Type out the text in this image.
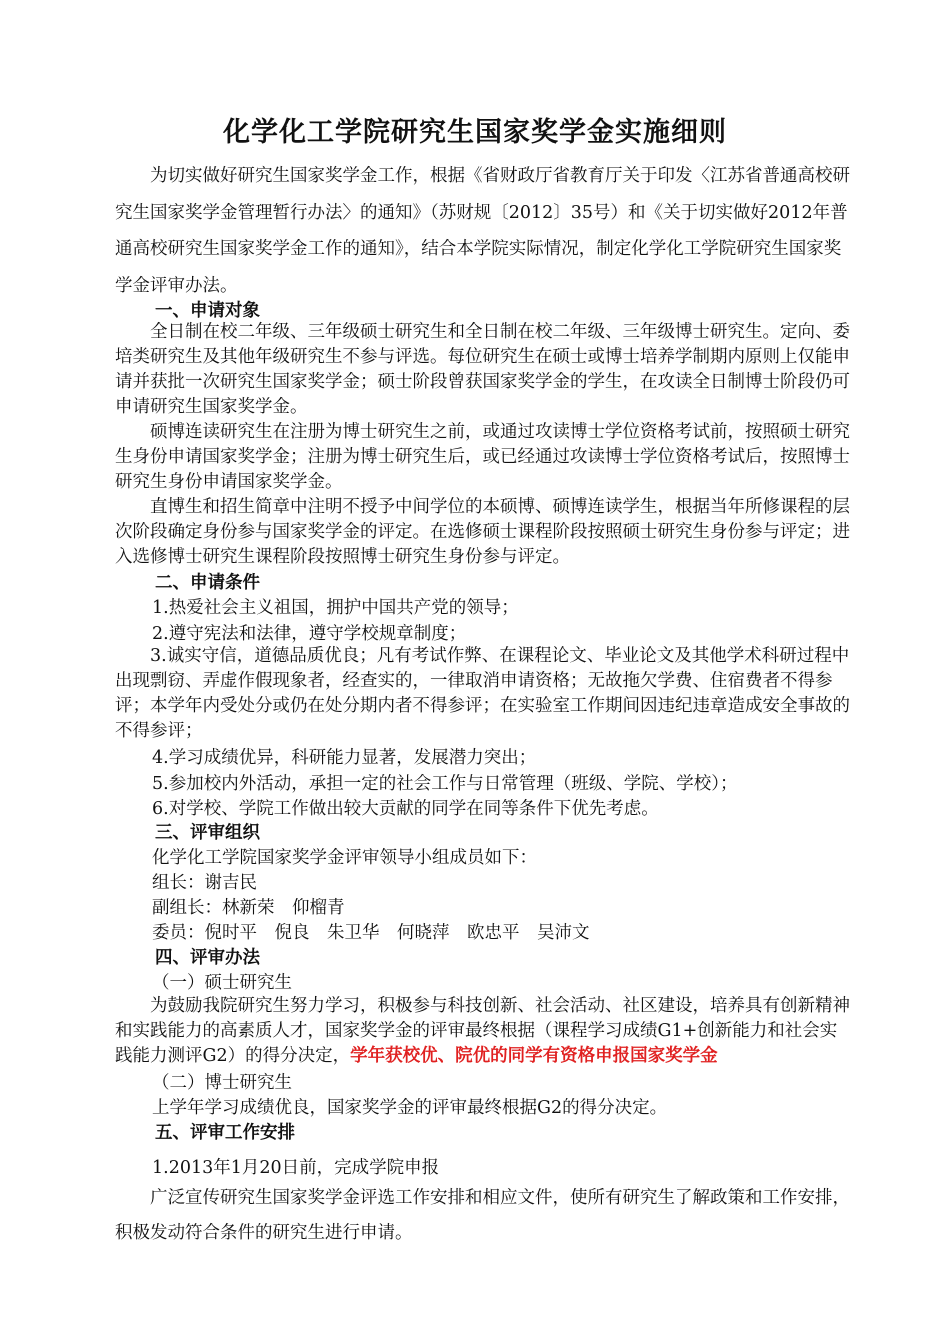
化学化工学院研究生国家奖学金实施细则
为切实做好研究生国家奖学金工作，根据《省财政厅省教育厅关于印发〈江苏省普通高校研究生国家奖学金管理暂行办法〉的通知》（苏财规〔2012〕35号）和《关于切实做好2012年普通高校研究生国家奖学金工作的通知》，结合本学院实际情况，制定化学化工学院研究生国家奖学金评审办法。
一、申请对象
全日制在校二年级、三年级硕士研究生和全日制在校二年级、三年级博士研究生。定向、委培类研究生及其他年级研究生不参与评选。每位研究生在硕士或博士培养学制期内原则上仅能申请并获批一次研究生国家奖学金；硕士阶段曾获国家奖学金的学生，在攻读全日制博士阶段仍可申请研究生国家奖学金。
硕博连读研究生在注册为博士研究生之前，或通过攻读博士学位资格考试前，按照硕士研究生身份申请国家奖学金；注册为博士研究生后，或已经通过攻读博士学位资格考试后，按照博士研究生身份申请国家奖学金。
直博生和招生简章中注明不授予中间学位的本硕博、硕博连读学生，根据当年所修课程的层次阶段确定身份参与国家奖学金的评定。在选修硕士课程阶段按照硕士研究生身份参与评定；进入选修博士研究生课程阶段按照博士研究生身份参与评定。
二、申请条件
1.热爱社会主义祖国，拥护中国共产党的领导；
2.遵守宪法和法律，遵守学校规章制度；
3.诚实守信，道德品质优良；凡有考试作弊、在课程论文、毕业论文及其他学术科研过程中出现剽窃、弄虚作假现象者，经查实的，一律取消申请资格；无故拖欠学费、住宿费者不得参评；本学年内受处分或仍在处分期内者不得参评；在实验室工作期间因违纪违章造成安全事故的不得参评；
4.学习成绩优异，科研能力显著，发展潜力突出；
5.参加校内外活动，承担一定的社会工作与日常管理（班级、学院、学校）；
6.对学校、学院工作做出较大贡献的同学在同等条件下优先考虑。
三、评审组织
化学化工学院国家奖学金评审领导小组成员如下：
组长：谢吉民
副组长：林新荣　仰榴青
委员：倪时平　倪良　朱卫华　何晓萍　欧忠平　吴沛文
四、评审办法
（一）硕士研究生
为鼓励我院研究生努力学习，积极参与科技创新、社会活动、社区建设，培养具有创新精神和实践能力的高素质人才，国家奖学金的评审最终根据（课程学习成绩G1+创新能力和社会实践能力测评G2）的得分决定，学年获校优、院优的同学有资格申报国家奖学金
（二）博士研究生
上学年学习成绩优良，国家奖学金的评审最终根据G2的得分决定。
五、评审工作安排
1.2013年1月20日前，完成学院申报
广泛宣传研究生国家奖学金评选工作安排和相应文件，使所有研究生了解政策和工作安排，积极发动符合条件的研究生进行申请。
